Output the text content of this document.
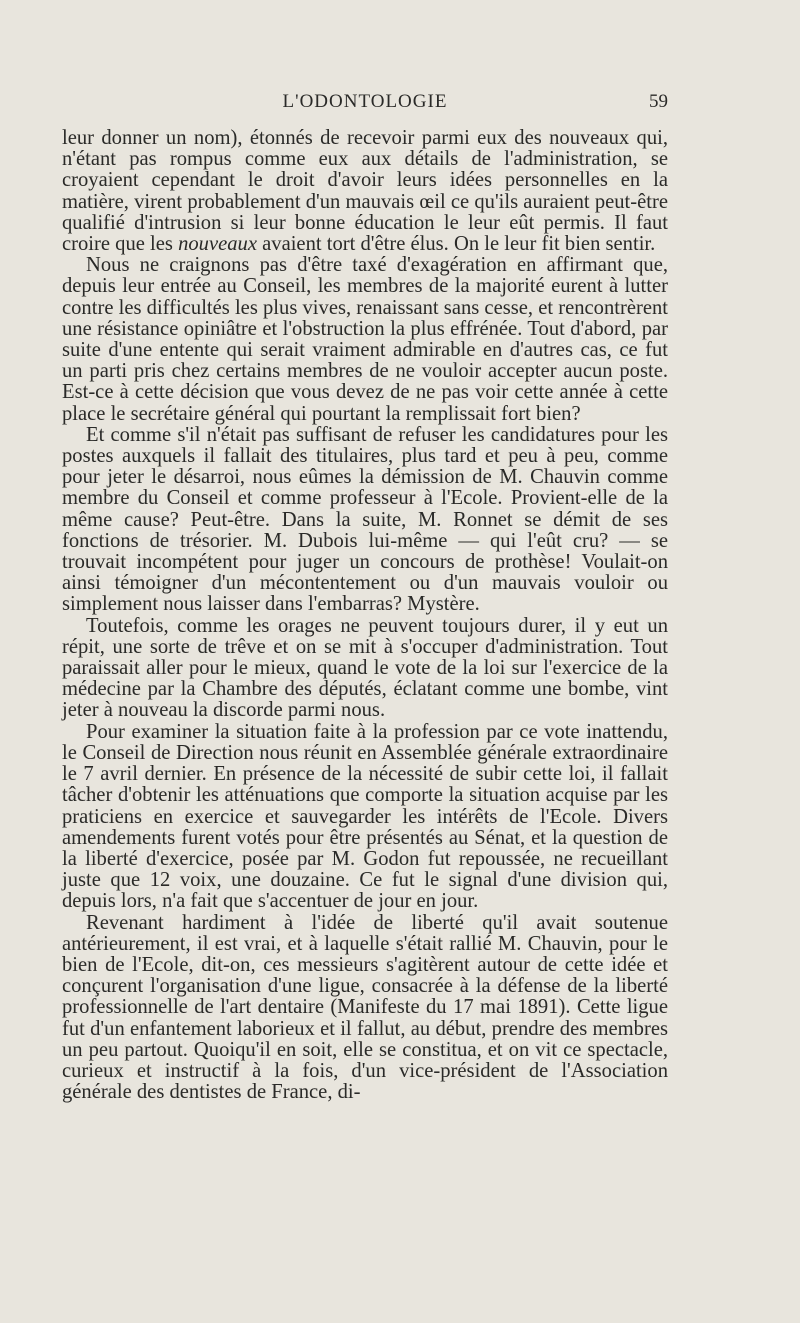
L'ODONTOLOGIE	59

leur donner un nom), étonnés de recevoir parmi eux des nouveaux qui, n'étant pas rompus comme eux aux détails de l'administration, se croyaient cependant le droit d'avoir leurs idées personnelles en la matière, virent probablement d'un mauvais œil ce qu'ils auraient peut-être qualifié d'intrusion si leur bonne éducation le leur eût permis. Il faut croire que les nouveaux avaient tort d'être élus. On le leur fit bien sentir.

Nous ne craignons pas d'être taxé d'exagération en affirmant que, depuis leur entrée au Conseil, les membres de la majorité eurent à lutter contre les difficultés les plus vives, renaissant sans cesse, et rencontrèrent une résistance opiniâtre et l'obstruction la plus effrénée. Tout d'abord, par suite d'une entente qui serait vraiment admirable en d'autres cas, ce fut un parti pris chez certains membres de ne vouloir accepter aucun poste. Est-ce à cette décision que vous devez de ne pas voir cette année à cette place le secrétaire général qui pourtant la remplissait fort bien?

Et comme s'il n'était pas suffisant de refuser les candidatures pour les postes auxquels il fallait des titulaires, plus tard et peu à peu, comme pour jeter le désarroi, nous eûmes la démission de M. Chauvin comme membre du Conseil et comme professeur à l'Ecole. Provient-elle de la même cause? Peut-être. Dans la suite, M. Ronnet se démit de ses fonctions de trésorier. M. Dubois lui-même — qui l'eût cru? — se trouvait incompétent pour juger un concours de prothèse! Voulait-on ainsi témoigner d'un mécontentement ou d'un mauvais vouloir ou simplement nous laisser dans l'embarras? Mystère.

Toutefois, comme les orages ne peuvent toujours durer, il y eut un répit, une sorte de trêve et on se mit à s'occuper d'administration. Tout paraissait aller pour le mieux, quand le vote de la loi sur l'exercice de la médecine par la Chambre des députés, éclatant comme une bombe, vint jeter à nouveau la discorde parmi nous.

Pour examiner la situation faite à la profession par ce vote inattendu, le Conseil de Direction nous réunit en Assemblée générale extraordinaire le 7 avril dernier. En présence de la nécessité de subir cette loi, il fallait tâcher d'obtenir les atténuations que comporte la situation acquise par les praticiens en exercice et sauvegarder les intérêts de l'Ecole. Divers amendements furent votés pour être présentés au Sénat, et la question de la liberté d'exercice, posée par M. Godon fut repoussée, ne recueillant juste que 12 voix, une douzaine. Ce fut le signal d'une division qui, depuis lors, n'a fait que s'accentuer de jour en jour.

Revenant hardiment à l'idée de liberté qu'il avait soutenue antérieurement, il est vrai, et à laquelle s'était rallié M. Chauvin, pour le bien de l'Ecole, dit-on, ces messieurs s'agitèrent autour de cette idée et conçurent l'organisation d'une ligue, consacrée à la défense de la liberté professionnelle de l'art dentaire (Manifeste du 17 mai 1891). Cette ligue fut d'un enfantement laborieux et il fallut, au début, prendre des membres un peu partout. Quoiqu'il en soit, elle se constitua, et on vit ce spectacle, curieux et instructif à la fois, d'un vice-président de l'Association générale des dentistes de France, di-
